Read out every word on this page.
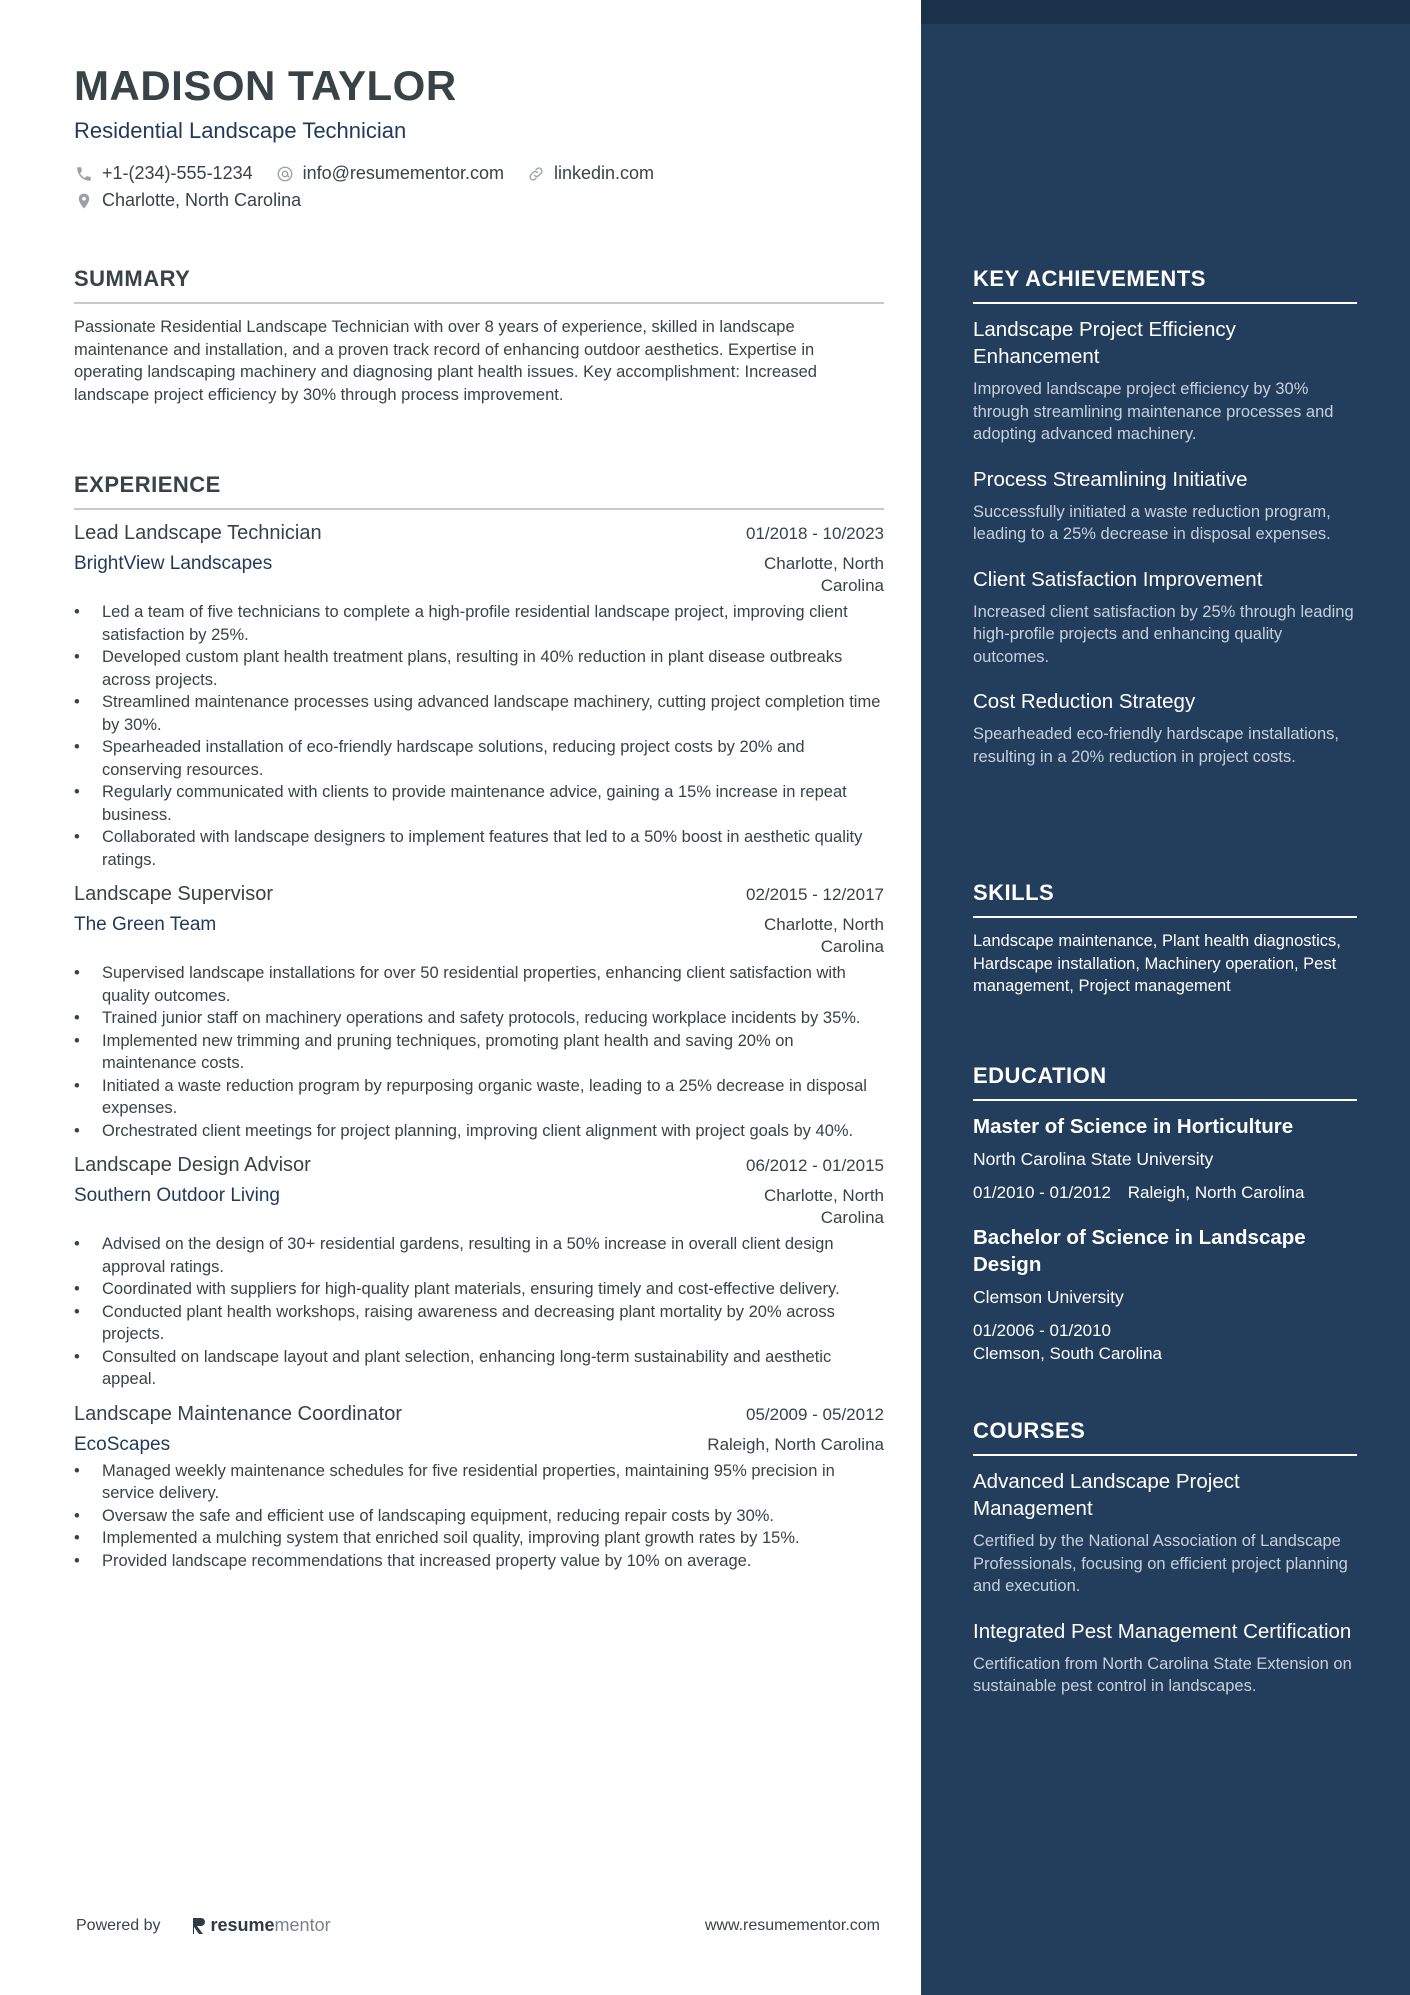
MADISON TAYLOR
Residential Landscape Technician
+1-(234)-555-1234	info@resumementor.com	linkedin.com
Charlotte, North Carolina
SUMMARY

Passionate Residential Landscape Technician with over 8 years of experience, skilled in landscape maintenance and installation, and a proven track record of enhancing outdoor aesthetics. Expertise in operating landscaping machinery and diagnosing plant health issues. Key accomplishment: Increased landscape project efficiency by 30% through process improvement.

EXPERIENCE
Lead Landscape Technician	01/2018 - 10/2023
BrightView Landscapes	Charlotte, North Carolina
• Led a team of five technicians to complete a high-profile residential landscape project, improving client satisfaction by 25%.
• Developed custom plant health treatment plans, resulting in 40% reduction in plant disease outbreaks across projects.
• Streamlined maintenance processes using advanced landscape machinery, cutting project completion time by 30%.
• Spearheaded installation of eco-friendly hardscape solutions, reducing project costs by 20% and conserving resources.
• Regularly communicated with clients to provide maintenance advice, gaining a 15% increase in repeat business.
• Collaborated with landscape designers to implement features that led to a 50% boost in aesthetic quality ratings.
Landscape Supervisor	02/2015 - 12/2017
The Green Team	Charlotte, North Carolina
• Supervised landscape installations for over 50 residential properties, enhancing client satisfaction with quality outcomes.
• Trained junior staff on machinery operations and safety protocols, reducing workplace incidents by 35%.
• Implemented new trimming and pruning techniques, promoting plant health and saving 20% on maintenance costs.
• Initiated a waste reduction program by repurposing organic waste, leading to a 25% decrease in disposal expenses.
• Orchestrated client meetings for project planning, improving client alignment with project goals by 40%.
Landscape Design Advisor	06/2012 - 01/2015
Southern Outdoor Living	Charlotte, North Carolina
• Advised on the design of 30+ residential gardens, resulting in a 50% increase in overall client design approval ratings.
• Coordinated with suppliers for high-quality plant materials, ensuring timely and cost-effective delivery.
• Conducted plant health workshops, raising awareness and decreasing plant mortality by 20% across projects.
• Consulted on landscape layout and plant selection, enhancing long-term sustainability and aesthetic appeal.
Landscape Maintenance Coordinator	05/2009 - 05/2012
EcoScapes	Raleigh, North Carolina
• Managed weekly maintenance schedules for five residential properties, maintaining 95% precision in service delivery.
• Oversaw the safe and efficient use of landscaping equipment, reducing repair costs by 30%.
• Implemented a mulching system that enriched soil quality, improving plant growth rates by 15%.
• Provided landscape recommendations that increased property value by 10% on average.
Powered by	resume mentor	www.resumementor.com
KEY ACHIEVEMENTS
Landscape Project Efficiency Enhancement

Improved landscape project efficiency by 30% through streamlining maintenance processes and adopting advanced machinery.

Process Streamlining Initiative

Successfully initiated a waste reduction program, leading to a 25% decrease in disposal expenses.

Client Satisfaction Improvement

Increased client satisfaction by 25% through leading high-profile projects and enhancing quality outcomes.

Cost Reduction Strategy

Spearheaded eco-friendly hardscape installations, resulting in a 20% reduction in project costs.

SKILLS

Landscape maintenance, Plant health diagnostics, Hardscape installation, Machinery operation, Pest management, Project management

EDUCATION
Master of Science in Horticulture
North Carolina State University
01/2010 - 01/2012 Raleigh, North Carolina
Bachelor of Science in Landscape Design
Clemson University
01/2006 - 01/2010
Clemson, South Carolina
COURSES
Advanced Landscape Project Management

Certified by the National Association of Landscape Professionals, focusing on efficient project planning and execution.

Integrated Pest Management Certification

Certification from North Carolina State Extension on sustainable pest control in landscapes.
